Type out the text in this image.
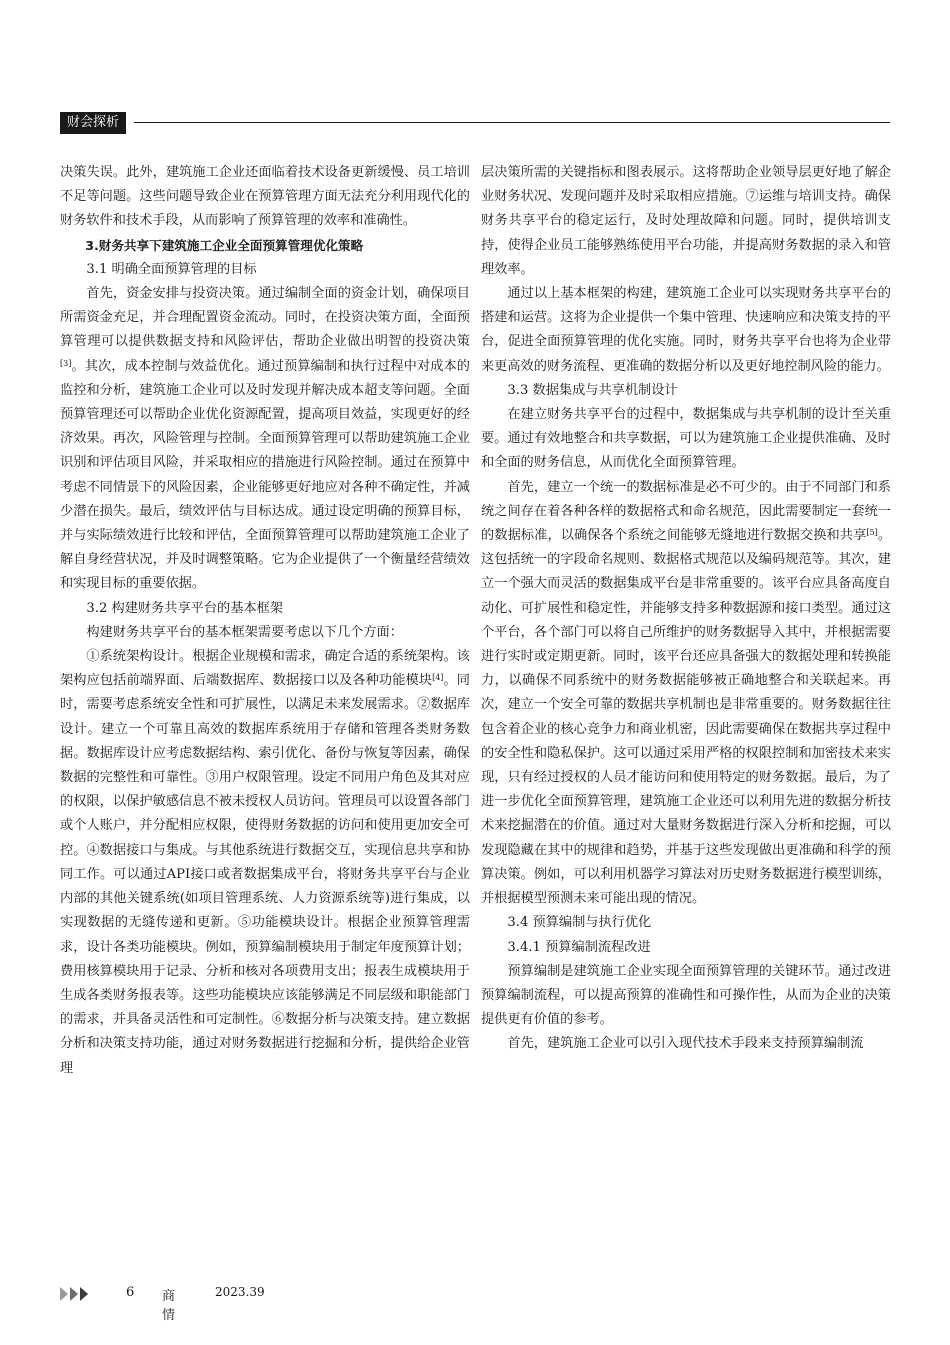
财会探析

决策失误。此外，建筑施工企业还面临着技术设备更新缓慢、员工培训不足等问题。这些问题导致企业在预算管理方面无法充分利用现代化的财务软件和技术手段，从而影响了预算管理的效率和准确性。

3.财务共享下建筑施工企业全面预算管理优化策略

3.1 明确全面预算管理的目标

首先，资金安排与投资决策。通过编制全面的资金计划，确保项目所需资金充足，并合理配置资金流动。同时，在投资决策方面，全面预算管理可以提供数据支持和风险评估，帮助企业做出明智的投资决策[3]。其次，成本控制与效益优化。通过预算编制和执行过程中对成本的监控和分析，建筑施工企业可以及时发现并解决成本超支等问题。全面预算管理还可以帮助企业优化资源配置，提高项目效益，实现更好的经济效果。再次，风险管理与控制。全面预算管理可以帮助建筑施工企业识别和评估项目风险，并采取相应的措施进行风险控制。通过在预算中考虑不同情景下的风险因素，企业能够更好地应对各种不确定性，并减少潜在损失。最后，绩效评估与目标达成。通过设定明确的预算目标，并与实际绩效进行比较和评估，全面预算管理可以帮助建筑施工企业了解自身经营状况，并及时调整策略。它为企业提供了一个衡量经营绩效和实现目标的重要依据。

3.2 构建财务共享平台的基本框架

构建财务共享平台的基本框架需要考虑以下几个方面：

①系统架构设计。根据企业规模和需求，确定合适的系统架构。该架构应包括前端界面、后端数据库、数据接口以及各种功能模块[4]。同时，需要考虑系统安全性和可扩展性，以满足未来发展需求。②数据库设计。建立一个可靠且高效的数据库系统用于存储和管理各类财务数据。数据库设计应考虑数据结构、索引优化、备份与恢复等因素，确保数据的完整性和可靠性。③用户权限管理。设定不同用户角色及其对应的权限，以保护敏感信息不被未授权人员访问。管理员可以设置各部门或个人账户，并分配相应权限，使得财务数据的访问和使用更加安全可控。④数据接口与集成。与其他系统进行数据交互，实现信息共享和协同工作。可以通过API接口或者数据集成平台，将财务共享平台与企业内部的其他关键系统(如项目管理系统、人力资源系统等)进行集成，以实现数据的无缝传递和更新。⑤功能模块设计。根据企业预算管理需求，设计各类功能模块。例如，预算编制模块用于制定年度预算计划；费用核算模块用于记录、分析和核对各项费用支出；报表生成模块用于生成各类财务报表等。这些功能模块应该能够满足不同层级和职能部门的需求，并具备灵活性和可定制性。⑥数据分析与决策支持。建立数据分析和决策支持功能，通过对财务数据进行挖掘和分析，提供给企业管理

层决策所需的关键指标和图表展示。这将帮助企业领导层更好地了解企业财务状况、发现问题并及时采取相应措施。⑦运维与培训支持。确保财务共享平台的稳定运行，及时处理故障和问题。同时，提供培训支持，使得企业员工能够熟练使用平台功能，并提高财务数据的录入和管理效率。

通过以上基本框架的构建，建筑施工企业可以实现财务共享平台的搭建和运营。这将为企业提供一个集中管理、快速响应和决策支持的平台，促进全面预算管理的优化实施。同时，财务共享平台也将为企业带来更高效的财务流程、更准确的数据分析以及更好地控制风险的能力。

3.3 数据集成与共享机制设计

在建立财务共享平台的过程中，数据集成与共享机制的设计至关重要。通过有效地整合和共享数据，可以为建筑施工企业提供准确、及时和全面的财务信息，从而优化全面预算管理。

首先，建立一个统一的数据标准是必不可少的。由于不同部门和系统之间存在着各种各样的数据格式和命名规范，因此需要制定一套统一的数据标准，以确保各个系统之间能够无缝地进行数据交换和共享[5]。这包括统一的字段命名规则、数据格式规范以及编码规范等。其次，建立一个强大而灵活的数据集成平台是非常重要的。该平台应具备高度自动化、可扩展性和稳定性，并能够支持多种数据源和接口类型。通过这个平台，各个部门可以将自己所维护的财务数据导入其中，并根据需要进行实时或定期更新。同时，该平台还应具备强大的数据处理和转换能力，以确保不同系统中的财务数据能够被正确地整合和关联起来。再次，建立一个安全可靠的数据共享机制也是非常重要的。财务数据往往包含着企业的核心竞争力和商业机密，因此需要确保在数据共享过程中的安全性和隐私保护。这可以通过采用严格的权限控制和加密技术来实现，只有经过授权的人员才能访问和使用特定的财务数据。最后，为了进一步优化全面预算管理，建筑施工企业还可以利用先进的数据分析技术来挖掘潜在的价值。通过对大量财务数据进行深入分析和挖掘，可以发现隐藏在其中的规律和趋势，并基于这些发现做出更准确和科学的预算决策。例如，可以利用机器学习算法对历史财务数据进行模型训练，并根据模型预测未来可能出现的情况。

3.4 预算编制与执行优化

3.4.1 预算编制流程改进

预算编制是建筑施工企业实现全面预算管理的关键环节。通过改进预算编制流程，可以提高预算的准确性和可操作性，从而为企业的决策提供更有价值的参考。

首先，建筑施工企业可以引入现代技术手段来支持预算编制流

6 商情
2023.39
